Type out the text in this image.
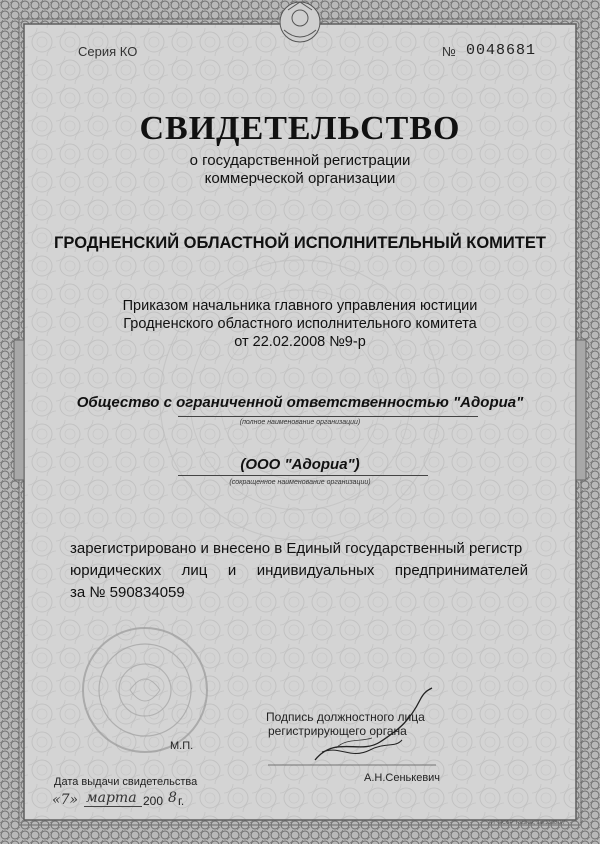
Серия КО	№ 0048681
СВИДЕТЕЛЬСТВО
о государственной регистрации
коммерческой организации
ГРОДНЕНСКИЙ ОБЛАСТНОЙ ИСПОЛНИТЕЛЬНЫЙ КОМИТЕТ
Приказом начальника главного управления юстиции
Гродненского областного исполнительного комитета
от 22.02.2008 №9-р
Общество с ограниченной ответственностью "Адориа"
(полное наименование организации)
(ООО "Адориа")
(сокращенное наименование организации)
зарегистрировано и внесено в Единый государственный регистр
юридических лиц и индивидуальных предпринимателей
за № 590834059
Подпись должностного лица
регистрирующего органа
М.П.
А.Н.Сенькевич
Дата выдачи свидетельства
«7» марта 200 8 г.
УП "МСФР" Госзнак, Зак.2598.0/7
